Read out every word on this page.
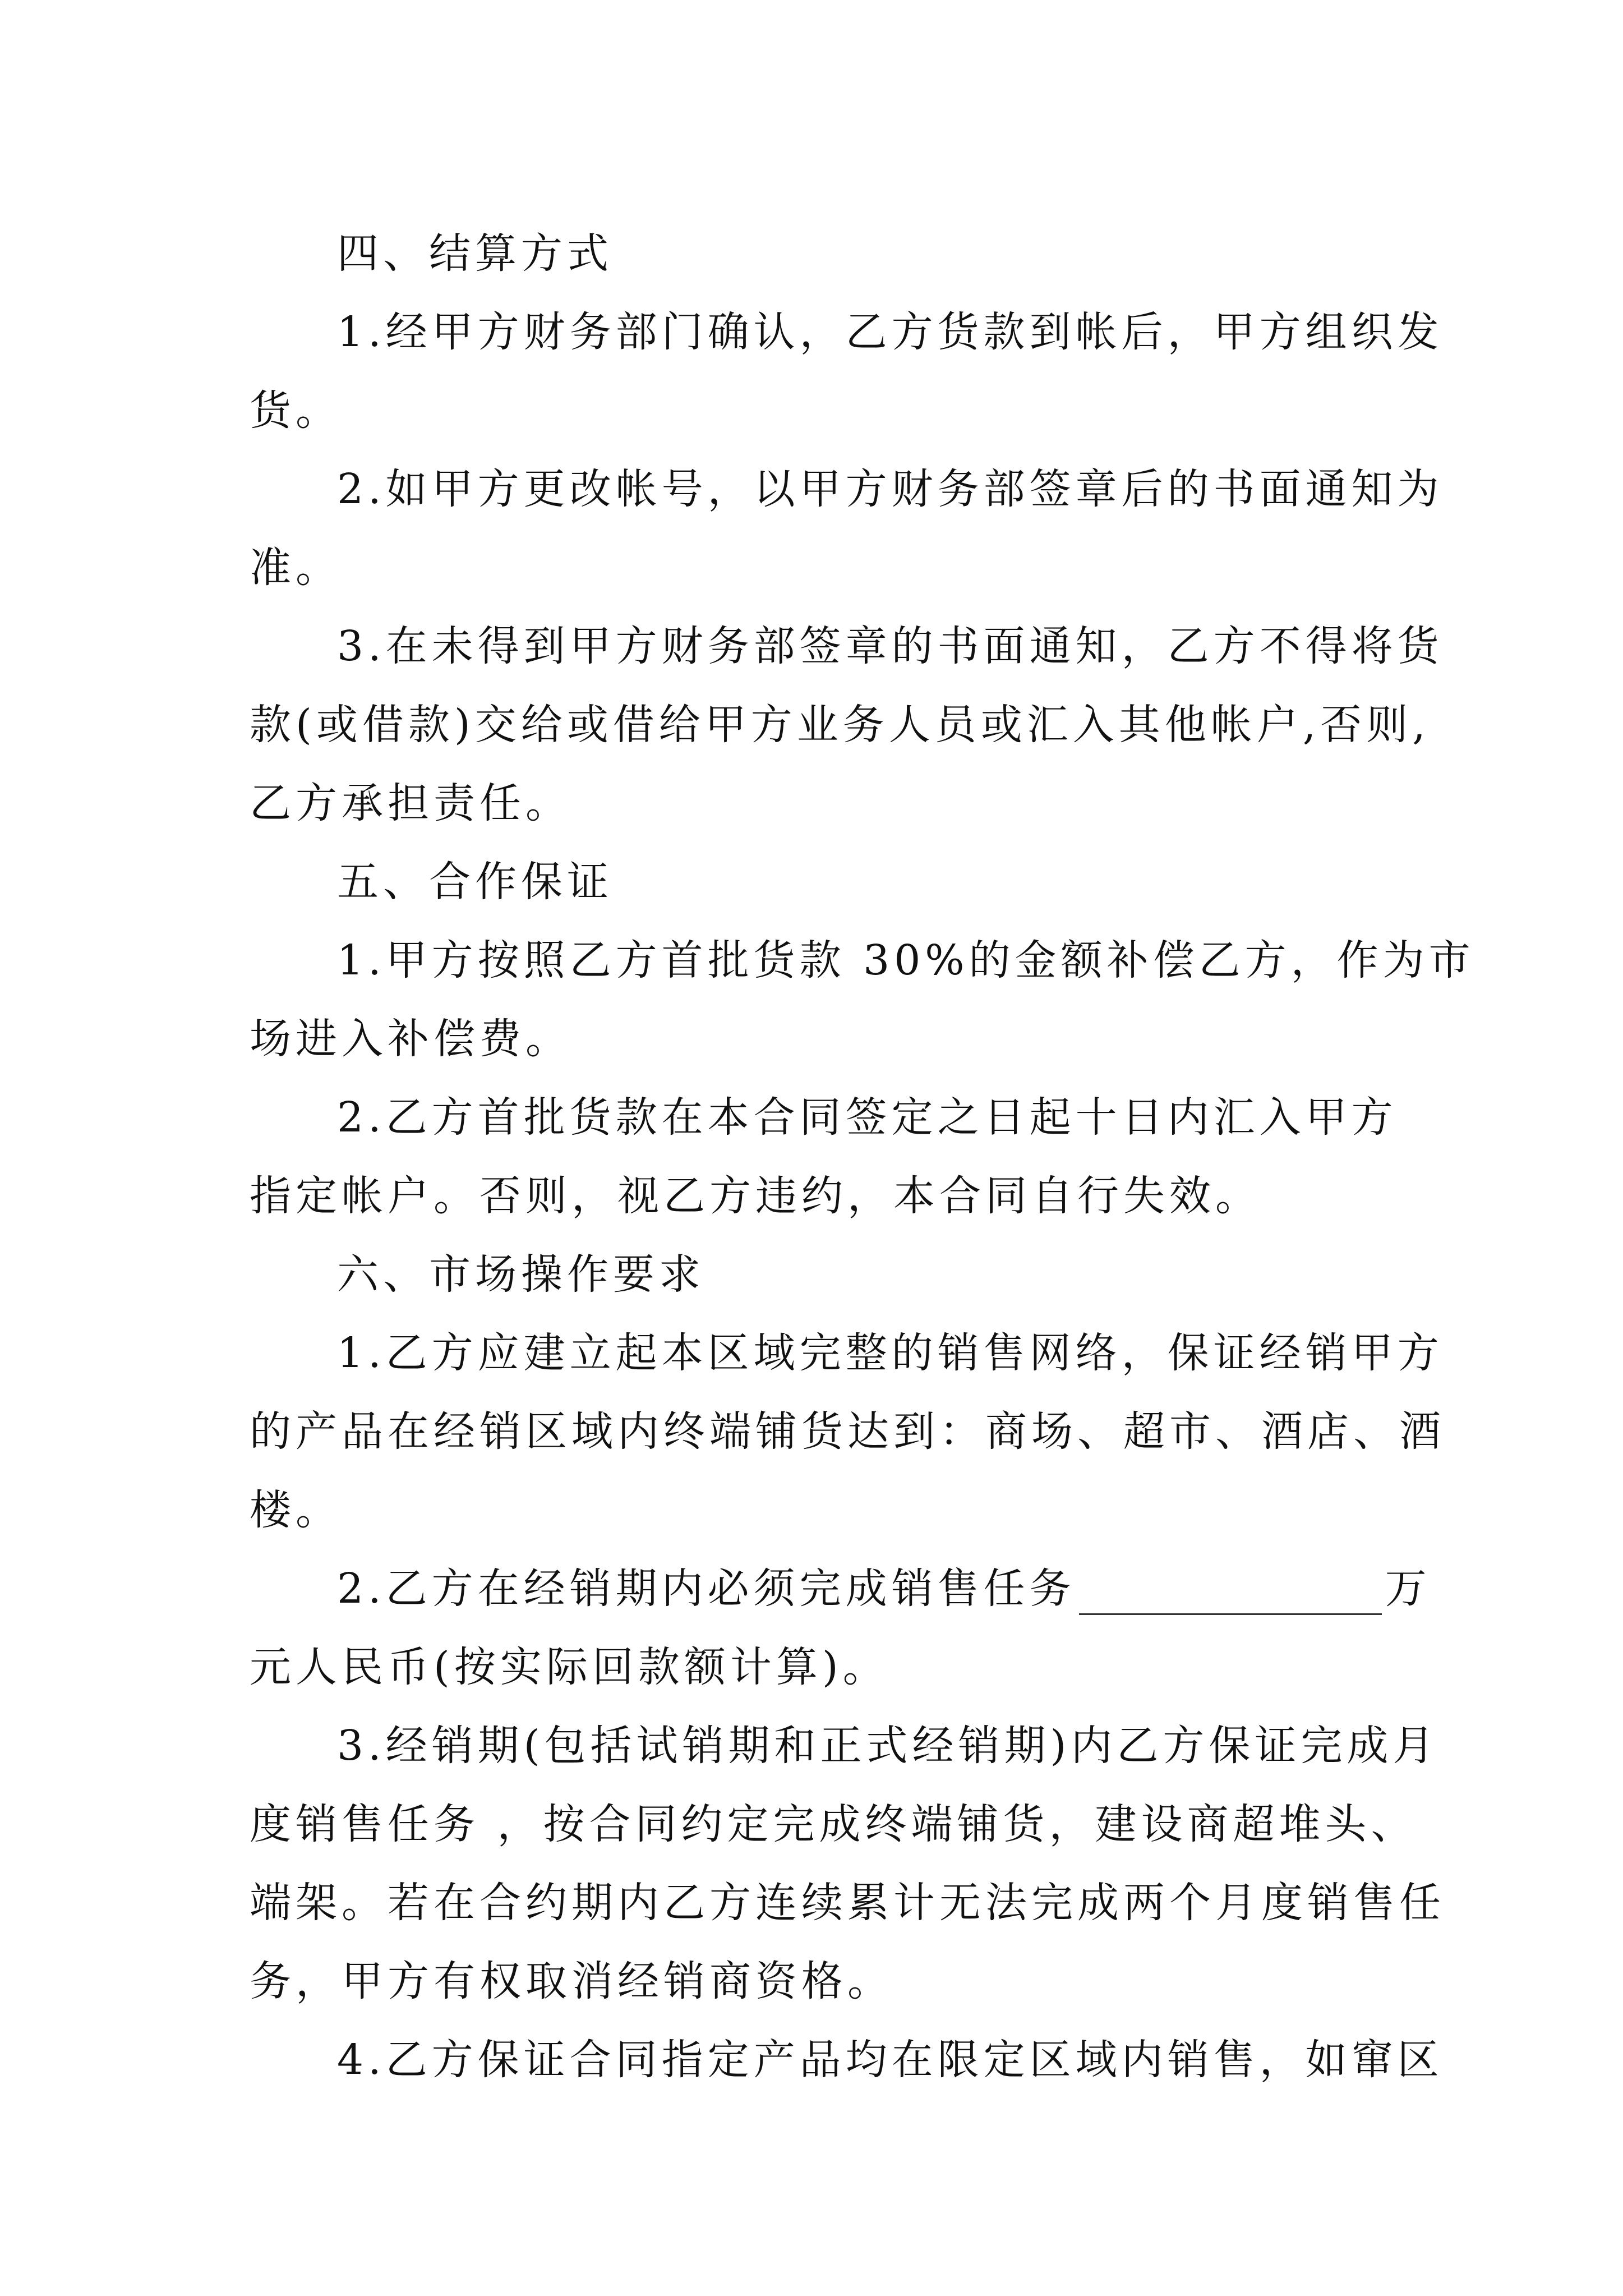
四、结算方式
1.经甲方财务部门确认，乙方货款到帐后，甲方组织发
货。
2.如甲方更改帐号，以甲方财务部签章后的书面通知为
准。
3.在未得到甲方财务部签章的书面通知，乙方不得将货
款(或借款)交给或借给甲方业务人员或汇入其他帐户,否则,
乙方承担责任。
五、合作保证
1.甲方按照乙方首批货款 30%的金额补偿乙方，作为市
场进入补偿费。
2.乙方首批货款在本合同签定之日起十日内汇入甲方
指定帐户。否则，视乙方违约，本合同自行失效。
六、市场操作要求
1.乙方应建立起本区域完整的销售网络，保证经销甲方
的产品在经销区域内终端铺货达到：商场、超市、酒店、酒
楼。
2.乙方在经销期内必须完成销售任务	万
元人民币(按实际回款额计算)。
3.经销期(包括试销期和正式经销期)内乙方保证完成月
度销售任务 ，按合同约定完成终端铺货，建设商超堆头、
端架。若在合约期内乙方连续累计无法完成两个月度销售任
务，甲方有权取消经销商资格。
4.乙方保证合同指定产品均在限定区域内销售，如窜区
